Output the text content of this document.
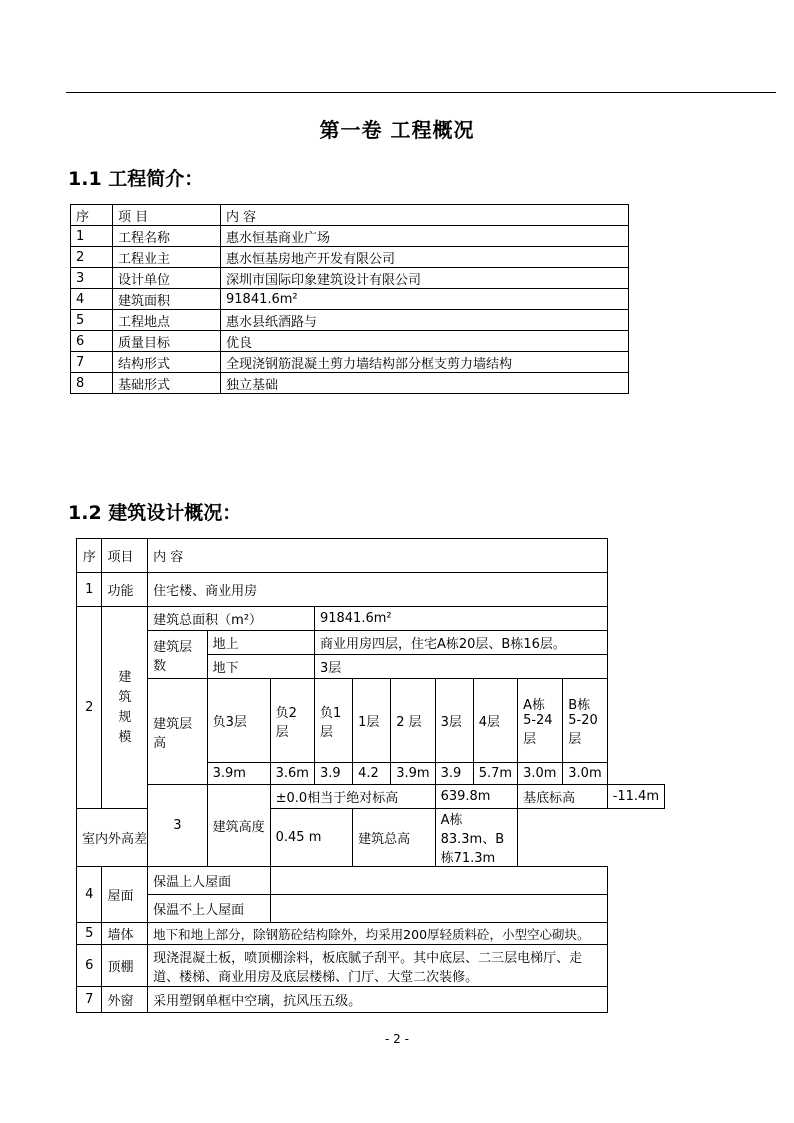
第一卷 工程概况
1.1 工程简介：
序	项 目	内 容
1	工程名称	惠水恒基商业广场
2	工程业主	惠水恒基房地产开发有限公司
3	设计单位	深圳市国际印象建筑设计有限公司
4	建筑面积	91841.6m²
5	工程地点	惠水县纸酒路与
6	质量目标	优良
7	结构形式	全现浇钢筋混凝土剪力墙结构部分框支剪力墙结构
8	基础形式	独立基础
1.2 建筑设计概况：
序	项目	内 容										
1	功能	住宅楼、商业用房										
2	建
筑
规
模	建筑总面积（m²）			91841.6m²							
		建筑层数	地上		商业用房四层，住宅A栋20层、B栋16层。							
			地下		3层							
		建筑层高	负3层	负2层	负1层	1层	2 层	3层	4层	A栋5-24层	B栋5-20层	
			3.9m	3.6m	3.9	4.2	3.9m	3.9	5.7m	3.0m	3.0m	
		3	建筑高度	±0.0相当于绝对标高				639.8m		基底标高		-11.4m
室内外高差				0.45 m		建筑总高		A栋83.3m、B栋71.3m				
4	屋面	保温上人屋面										
		保温不上人屋面										
5	墙体	地下和地上部分，除钢筋砼结构除外，均采用200厚轻质料砼，小型空心砌块。										
6	顶棚	现浇混凝土板，喷顶棚涂料，板底腻子刮平。其中底层、二三层电梯厅、走道、楼梯、商业用房及底层楼梯、门厅、大堂二次装修。										
7	外窗	采用塑钢单框中空璃，抗风压五级。										
- 2 -
